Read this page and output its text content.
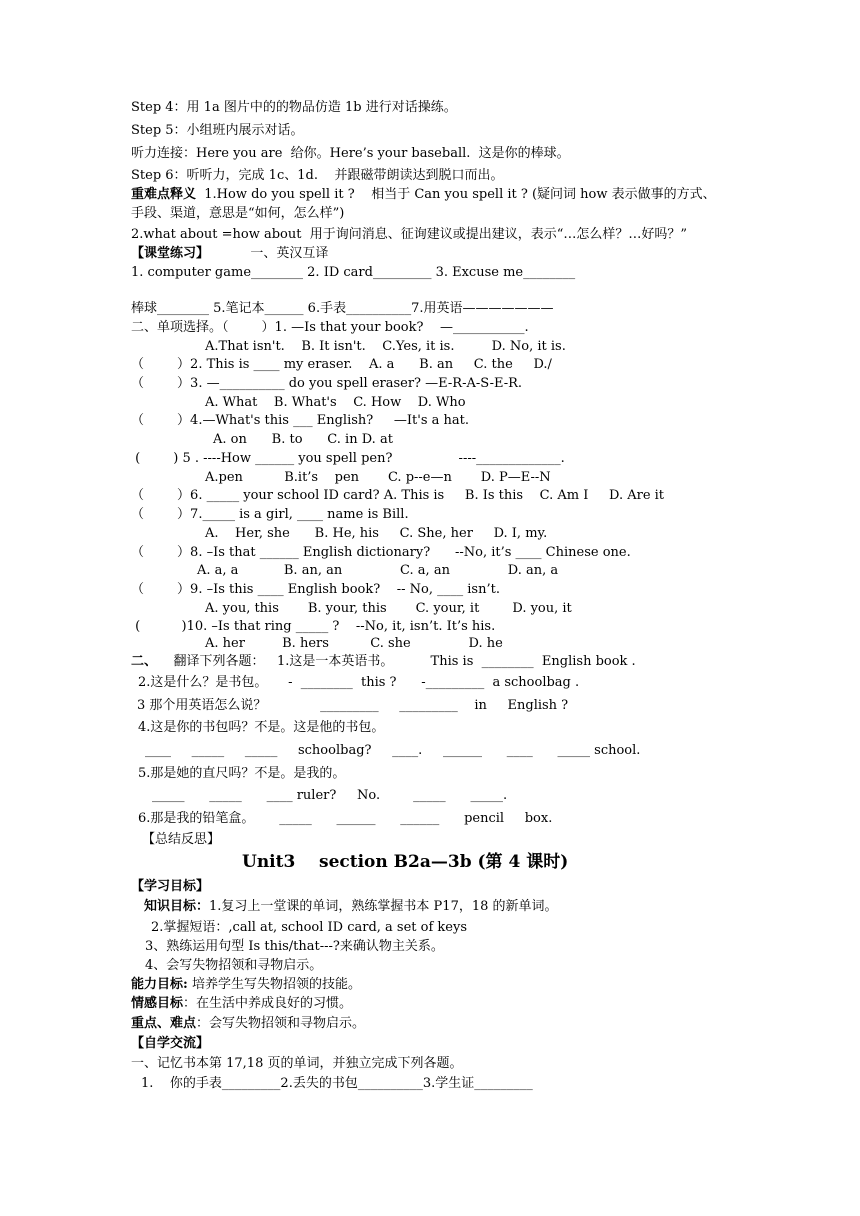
Step 4：用 1a 图片中的的物品仿造 1b 进行对话操练。
Step 5：小组班内展示对话。
听力连接：Here you are  给你。Here’s your baseball.  这是你的棒球。
Step 6：听听力，完成 1c、1d.    并跟磁带朗读达到脱口而出。
重难点释义  1.How do you spell it ?    相当于 Can you spell it ? (疑问词 how 表示做事的方式、
手段、渠道，意思是“如何，怎么样”)
2.what about =how about  用于询问消息、征询建议或提出建议，表示“…怎么样？…好吗？”
【课堂练习】          一、英汉互译
1. computer game________ 2. ID card_________ 3. Excuse me________
棒球________ 5.笔记本______ 6.手表__________7.用英语———————
二、单项选择。（        ）1. —Is that your book?    —___________.
A.That isn't.    B. It isn't.    C.Yes, it is.         D. No, it is.
（        ）2. This is ____ my eraser.    A. a      B. an     C. the     D./
（        ）3. —__________ do you spell eraser? —E-R-A-S-E-R.
A. What    B. What's    C. How    D. Who
（        ）4.—What's this ___ English?     —It's a hat.
A. on      B. to      C. in D. at
(        ) 5 . ----How ______ you spell pen?                ----_____________.
A.pen          B.it’s    pen       C. p--e—n       D. P—E--N
（        ）6. _____ your school ID card? A. This is     B. Is this    C. Am I     D. Are it
（        ）7._____ is a girl, ____ name is Bill.
A.    Her, she      B. He, his     C. She, her     D. I, my.
（        ）8. –Is that ______ English dictionary?      --No, it’s ____ Chinese one.
A. a, a           B. an, an              C. a, an              D. an, a
（        ）9. –Is this ____ English book?    -- No, ____ isn’t.
A. you, this       B. your, this       C. your, it        D. you, it
(          )10. –Is that ring _____ ?    --No, it, isn’t. It’s his.
A. her         B. hers          C. she              D. he
二、    翻译下列各题：   1.这是一本英语书。         This is  ________  English book .
2.这是什么？是书包。     -  ________  this ?      -_________  a schoolbag .
3 那个用英语怎么说？             _________     _________    in     English ?
4.这是你的书包吗？不是。这是他的书包。
____     _____     _____     schoolbag?     ____.     ______      ____      _____ school.
5.那是她的直尺吗？不是。是我的。
_____      _____      ____ ruler?     No.        _____      _____.
6.那是我的铅笔盒。      _____      ______      ______      pencil     box.
【总结反思】
Unit3    section B2a—3b (第 4 课时)
【学习目标】
知识目标：1.复习上一堂课的单词，熟练掌握书本 P17，18 的新单词。
2.掌握短语：,call at, school ID card, a set of keys
3、熟练运用句型 Is this/that---?来确认物主关系。
4、会写失物招领和寻物启示。
能力目标: 培养学生写失物招领的技能。
情感目标：在生活中养成良好的习惯。
重点、难点：会写失物招领和寻物启示。
【自学交流】
一、记忆书本第 17,18 页的单词，并独立完成下列各题。
1.    你的手表_________2.丢失的书包__________3.学生证_________
